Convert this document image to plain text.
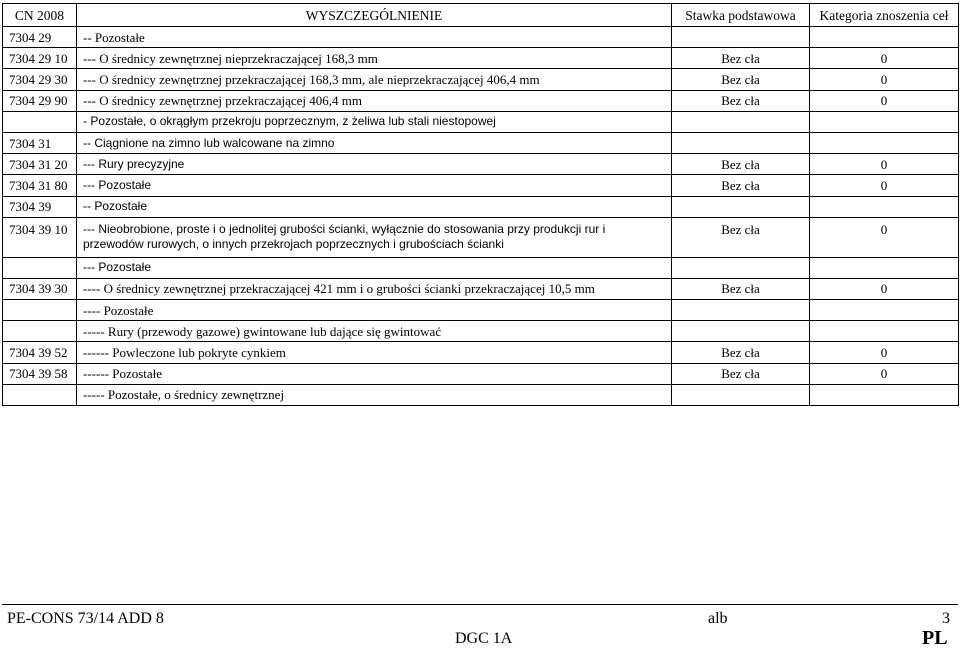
CN 2008	WYSZCZEGÓLNIENIE	Stawka podstawowa	Kategoria znoszenia ceł
7304 29	-- Pozostałe		
7304 29 10	--- O średnicy zewnętrznej nieprzekraczającej 168,3 mm	Bez cła	0
7304 29 30	--- O średnicy zewnętrznej przekraczającej 168,3 mm, ale nieprzekraczającej 406,4 mm	Bez cła	0
7304 29 90	--- O średnicy zewnętrznej przekraczającej 406,4 mm	Bez cła	0
	- Pozostałe, o okrągłym przekroju poprzecznym, z żeliwa lub stali niestopowej		
7304 31	-- Ciągnione na zimno lub walcowane na zimno		
7304 31 20	--- Rury precyzyjne	Bez cła	0
7304 31 80	--- Pozostałe	Bez cła	0
7304 39	-- Pozostałe		
7304 39 10	--- Nieobrobione, proste i o jednolitej grubości ścianki, wyłącznie do stosowania przy produkcji rur i przewodów rurowych, o innych przekrojach poprzecznych i grubościach ścianki	Bez cła	0
	--- Pozostałe		
7304 39 30	---- O średnicy zewnętrznej przekraczającej 421 mm i o grubości ścianki przekraczającej 10,5 mm	Bez cła	0
	---- Pozostałe		
	----- Rury (przewody gazowe) gwintowane lub dające się gwintować		
7304 39 52	------ Powleczone lub pokryte cynkiem	Bez cła	0
7304 39 58	------ Pozostałe	Bez cła	0
	----- Pozostałe, o średnicy zewnętrznej		
PE-CONS 73/14 ADD 8	alb	3
DGC 1A	PL
